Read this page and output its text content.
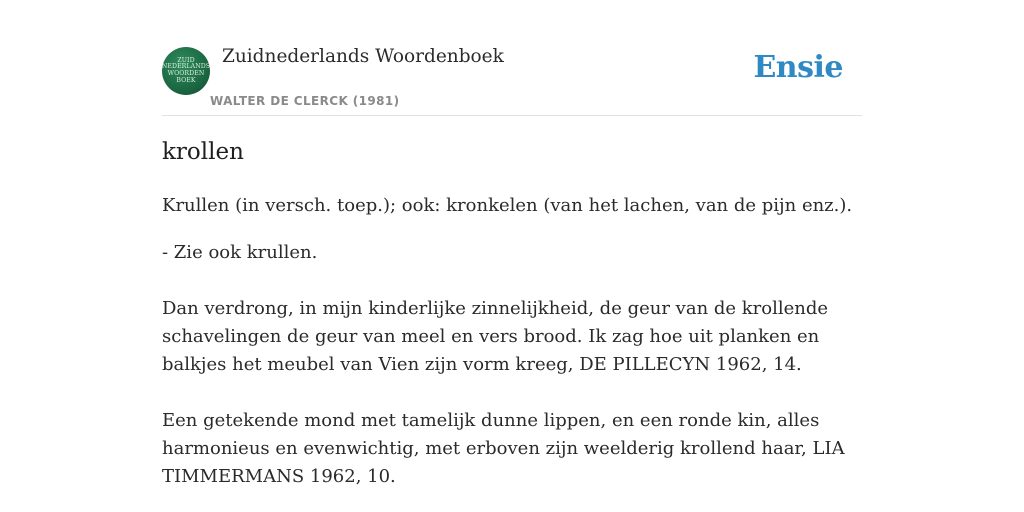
ZUID
NEDERLANDS
WOORDEN
BOEK
Zuidnederlands Woordenboek
WALTER DE CLERCK (1981)
Ensie
krollen

Krullen (in versch. toep.); ook: kronkelen (van het lachen, van de pijn enz.).

- Zie ook krullen.

Dan verdrong, in mijn kinderlijke zinnelijkheid, de geur van de krollende schavelingen de geur van meel en vers brood. Ik zag hoe uit planken en balkjes het meubel van Vien zijn vorm kreeg, DE PILLECYN 1962, 14.

Een getekende mond met tamelijk dunne lippen, en een ronde kin, alles harmonieus en evenwichtig, met erboven zijn weelderig krollend haar, LIA TIMMERMANS 1962, 10.
